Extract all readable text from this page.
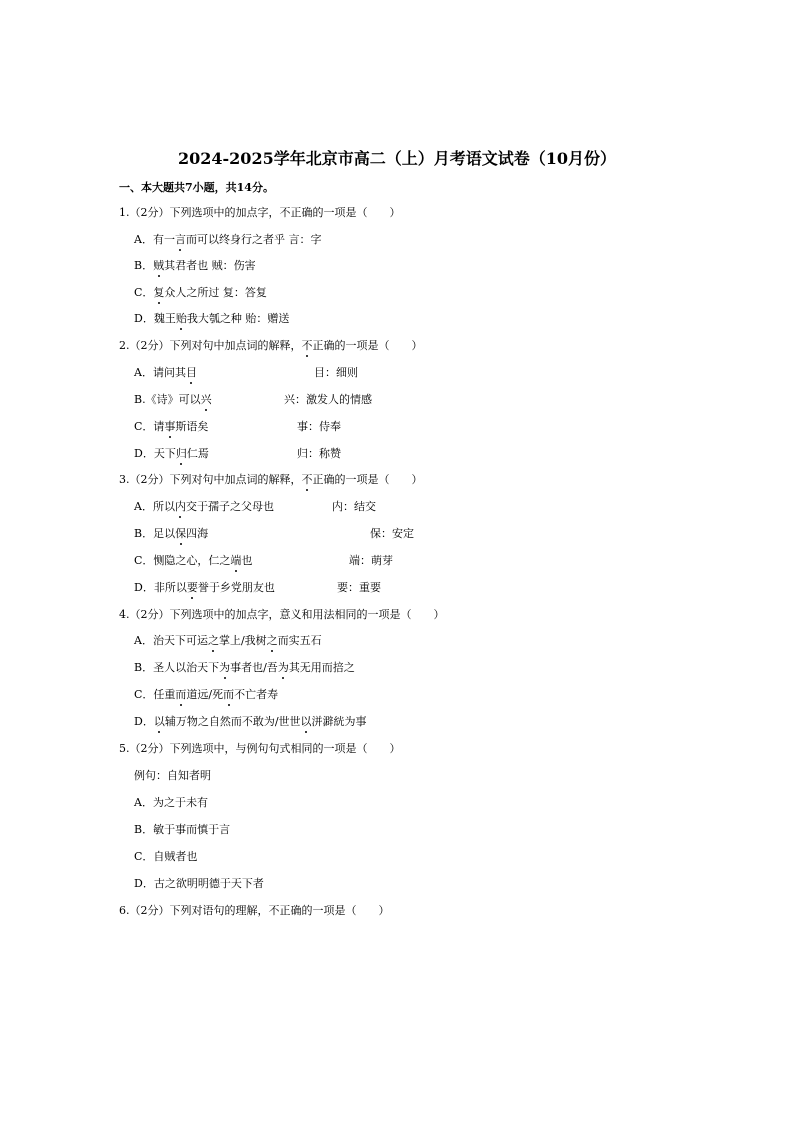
2024-2025学年北京市高二（上）月考语文试卷（10月份）
一、本大题共7小题，共14分。
1.（2分）下列选项中的加点字，不正确的一项是（　　）
A．有一言而可以终身行之者乎 言：字
B．贼其君者也 贼：伤害
C．复众人之所过 复：答复
D．魏王贻我大瓠之种 贻：赠送
2.（2分）下列对句中加点词的解释，不正确的一项是（　　）
A．请问其目	目：细则
B.《诗》可以兴	兴：激发人的情感
C．请事斯语矣	事：侍奉
D．天下归仁焉	归：称赞
3.（2分）下列对句中加点词的解释，不正确的一项是（　　）
A．所以内交于孺子之父母也	内：结交
B．足以保四海	保：安定
C．恻隐之心，仁之端也	端：萌芽
D．非所以要誉于乡党朋友也	要：重要
4.（2分）下列选项中的加点字，意义和用法相同的一项是（　　）
A．治天下可运之掌上/我树之而实五石
B．圣人以治天下为事者也/吾为其无用而掊之
C．任重而道远/死而不亡者寿
D．以辅万物之自然而不敢为/世世以洴澼絖为事
5.（2分）下列选项中，与例句句式相同的一项是（　　）
例句：自知者明
A．为之于未有
B．敏于事而慎于言
C．自贼者也
D．古之欲明明德于天下者
6.（2分）下列对语句的理解，不正确的一项是（　　）
